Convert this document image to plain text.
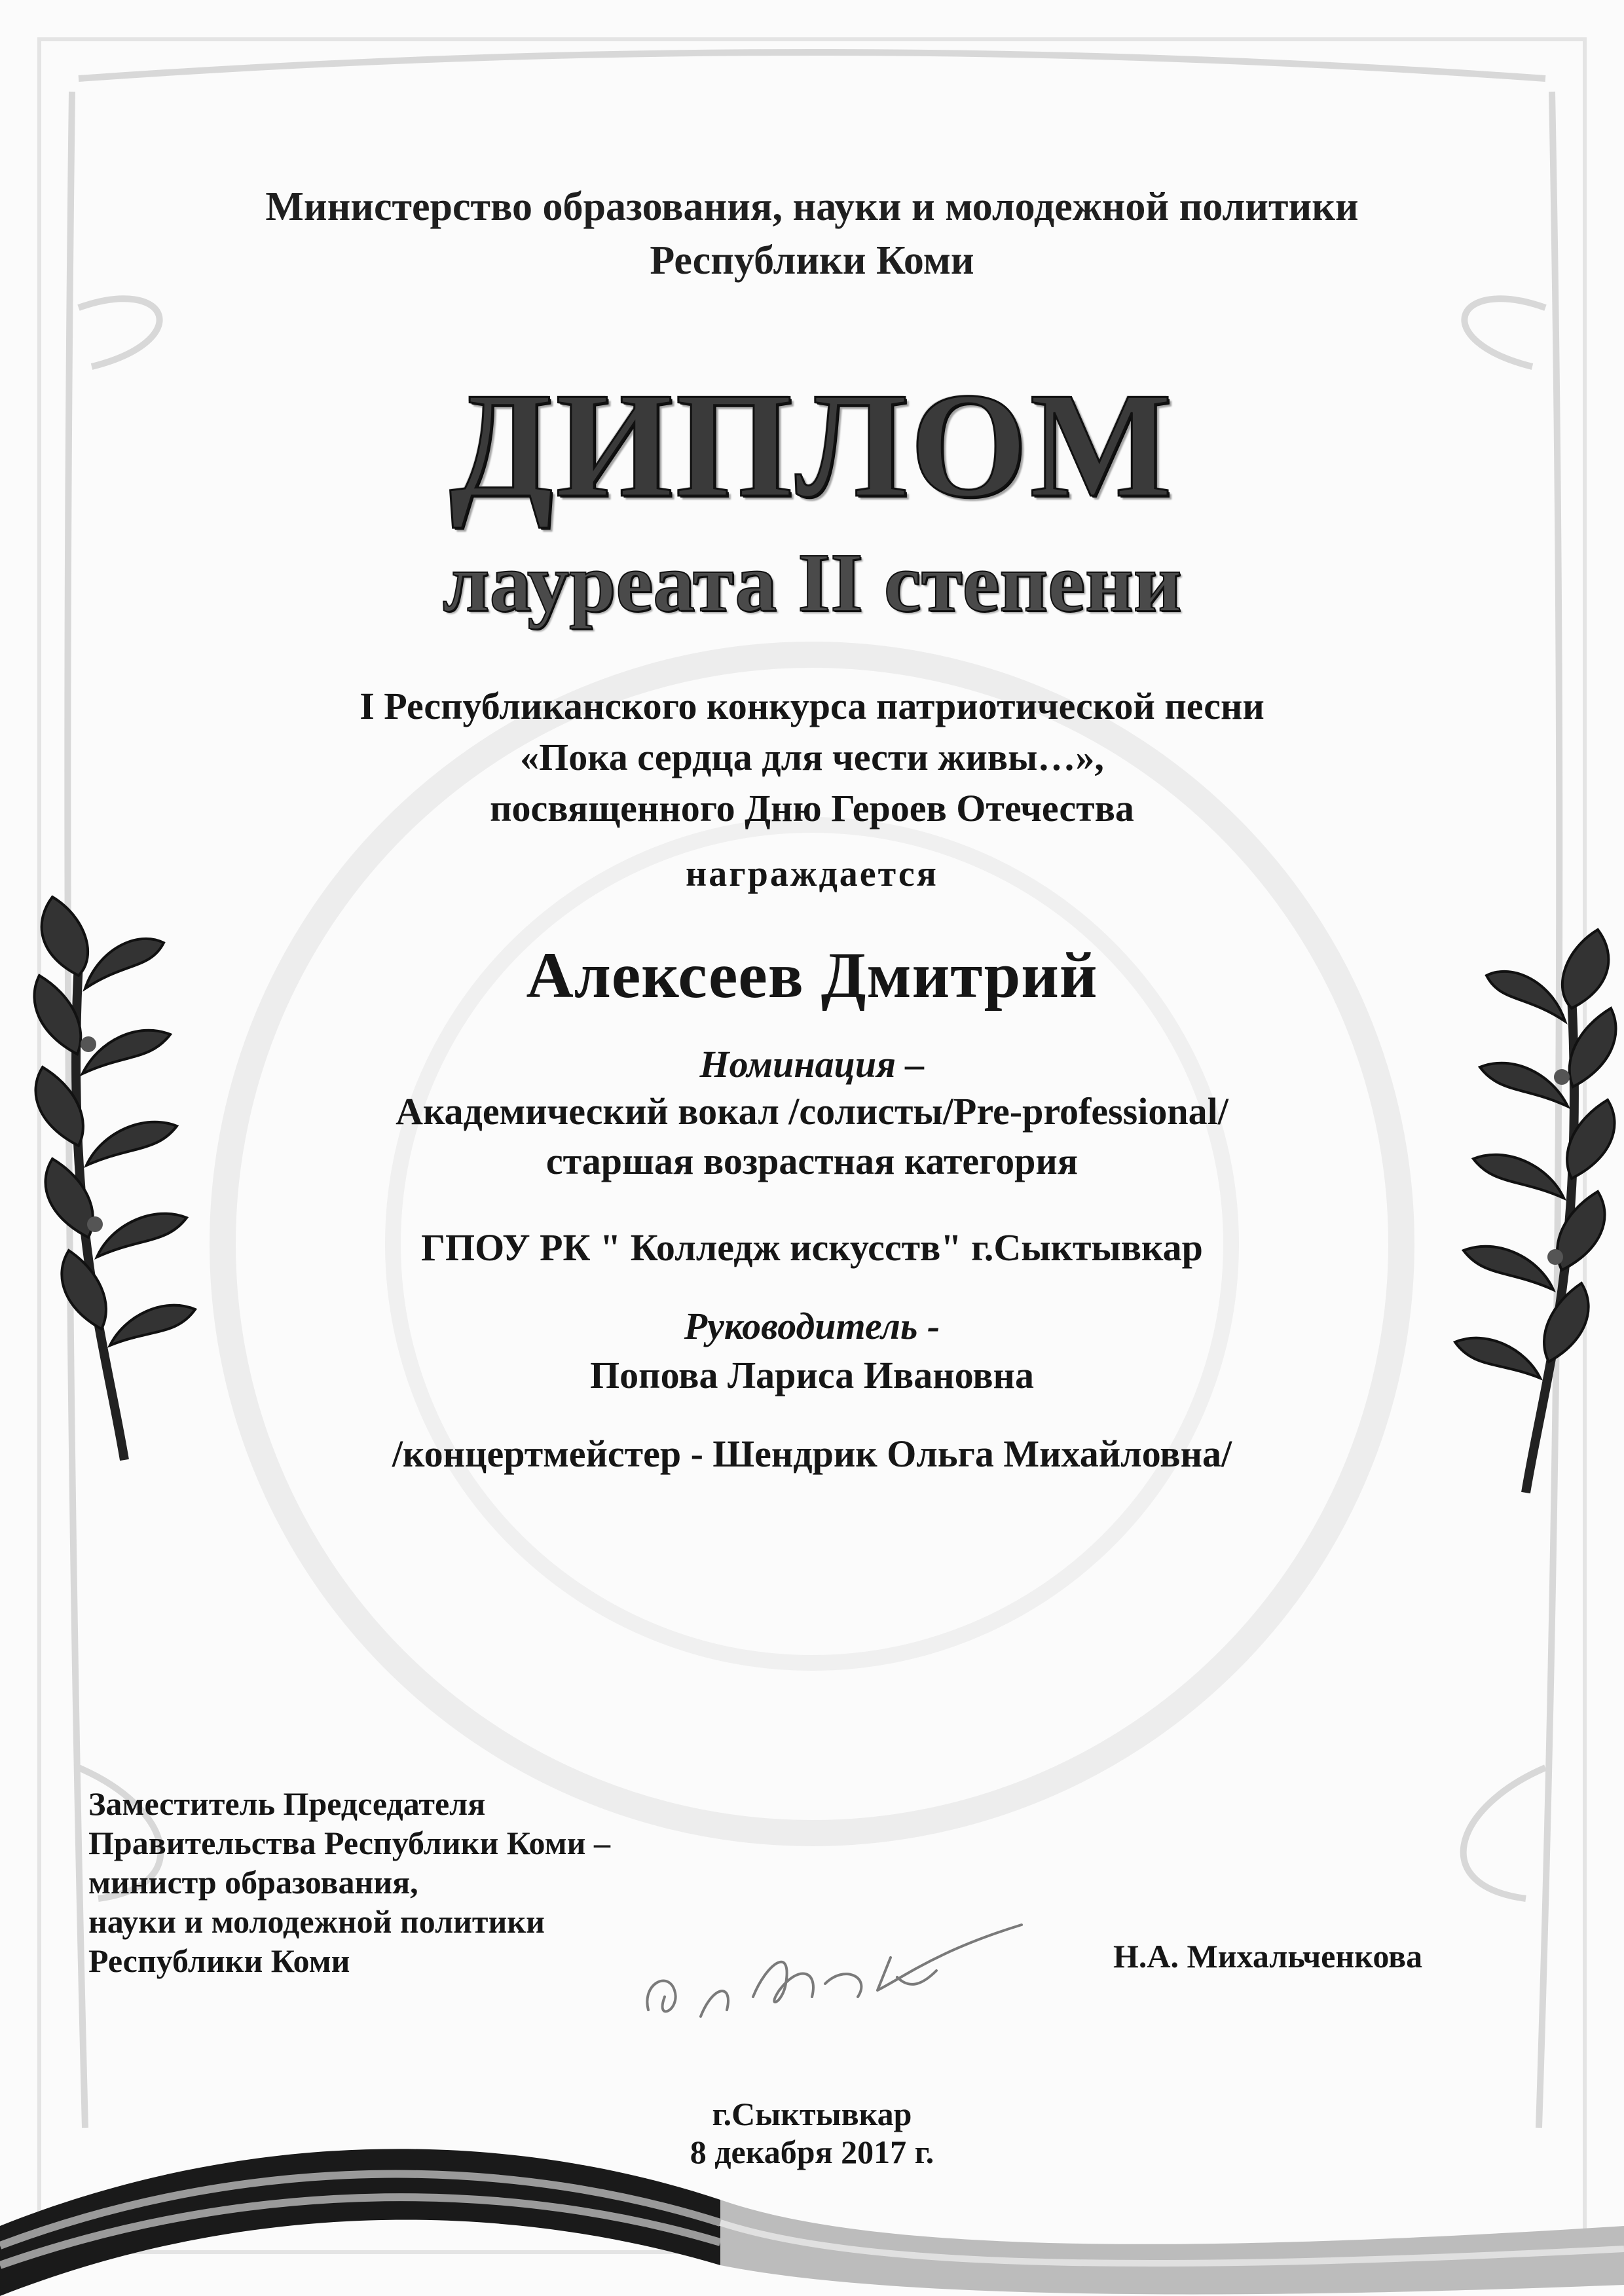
Министерство образования, науки и молодежной политики
Республики Коми
ДИПЛОМ
лауреата II степени
I Республиканского конкурса патриотической песни
«Пока сердца для чести живы…»,
посвященного Дню Героев Отечества
награждается
Алексеев Дмитрий
Номинация –
Академический вокал /солисты/Pre-professional/
старшая возрастная категория
ГПОУ РК " Колледж искусств" г.Сыктывкар
Руководитель -
Попова Лариса Ивановна
/концертмейстер - Шендрик Ольга Михайловна/
Заместитель Председателя
Правительства Республики Коми –
министр образования,
науки и молодежной политики
Республики Коми	Н.А. Михальченкова
г.Сыктывкар
8 декабря 2017 г.
